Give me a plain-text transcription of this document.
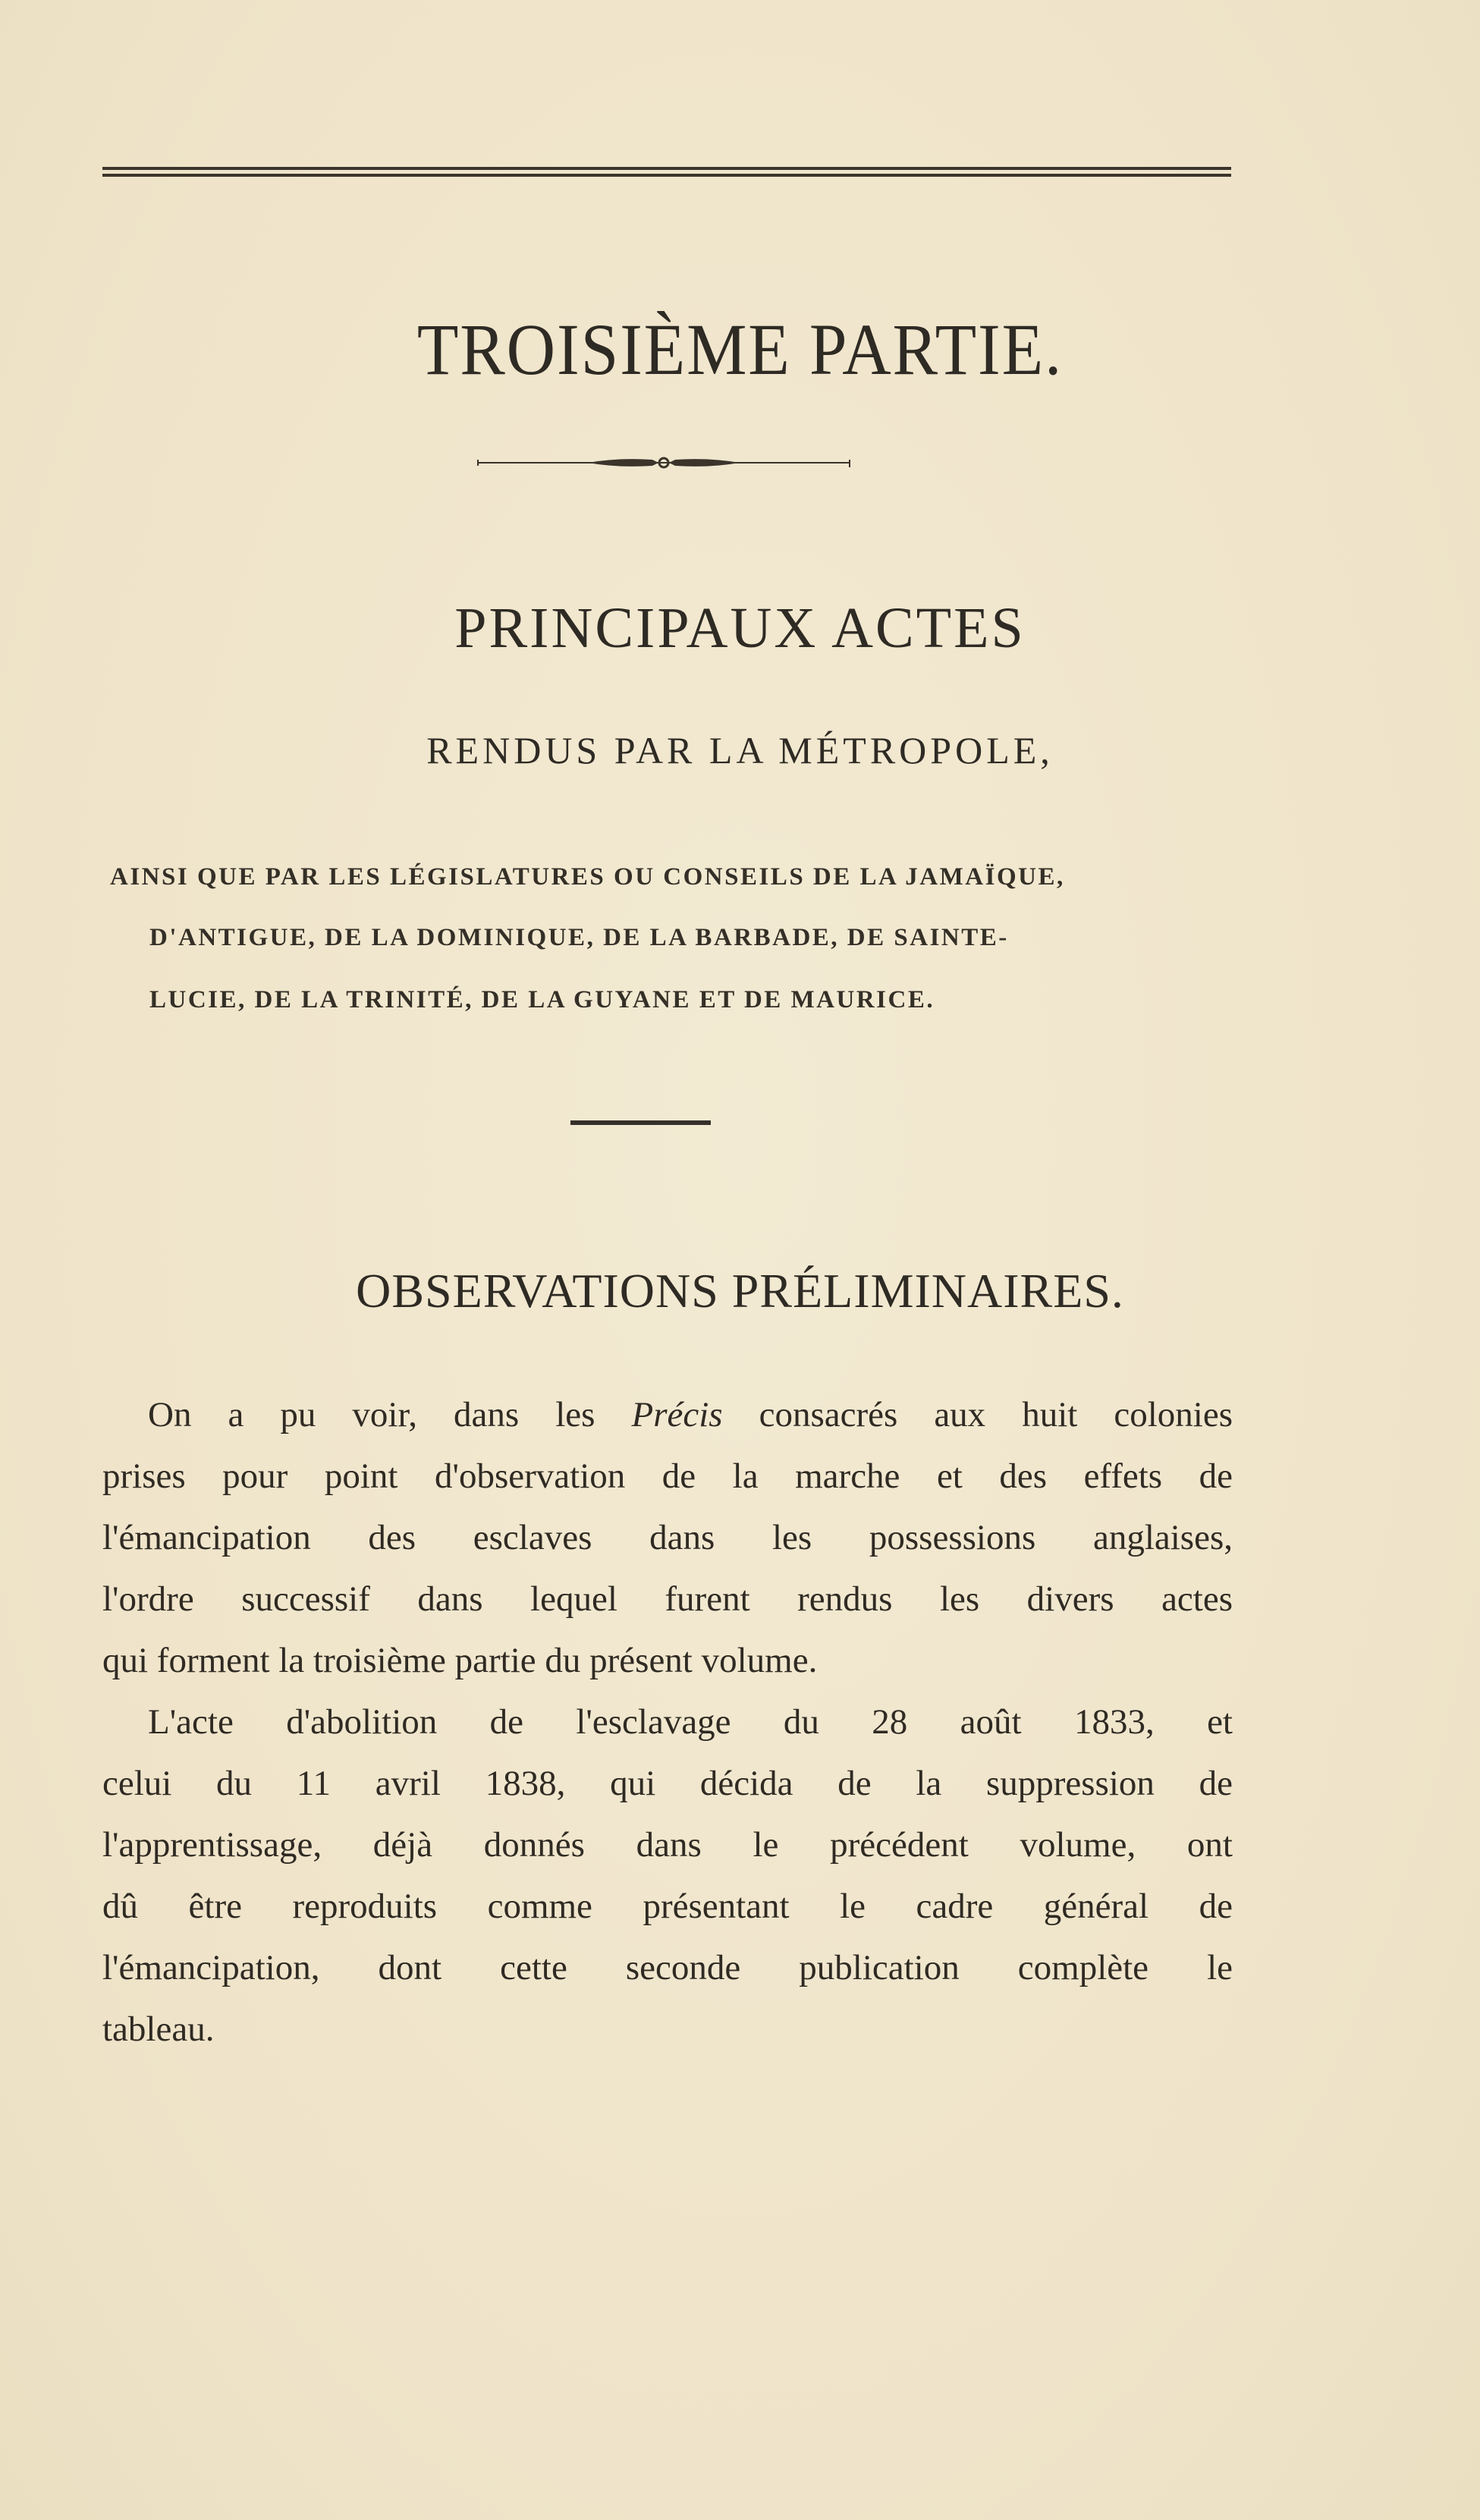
TROISIÈME PARTIE.
PRINCIPAUX ACTES
RENDUS PAR LA MÉTROPOLE,
AINSI QUE PAR LES LÉGISLATURES OU CONSEILS DE LA JAMAÏQUE,
D'ANTIGUE, DE LA DOMINIQUE, DE LA BARBADE, DE SAINTE-
LUCIE, DE LA TRINITÉ, DE LA GUYANE ET DE MAURICE.
OBSERVATIONS PRÉLIMINAIRES.
On a pu voir, dans les Précis consacrés aux huit colonies
prises pour point d'observation de la marche et des effets de
l'émancipation des esclaves dans les possessions anglaises,
l'ordre successif dans lequel furent rendus les divers actes
qui forment la troisième partie du présent volume.
L'acte d'abolition de l'esclavage du 28 août 1833, et
celui du 11 avril 1838, qui décida de la suppression de
l'apprentissage, déjà donnés dans le précédent volume, ont
dû être reproduits comme présentant le cadre général de
l'émancipation, dont cette seconde publication complète le
tableau.
